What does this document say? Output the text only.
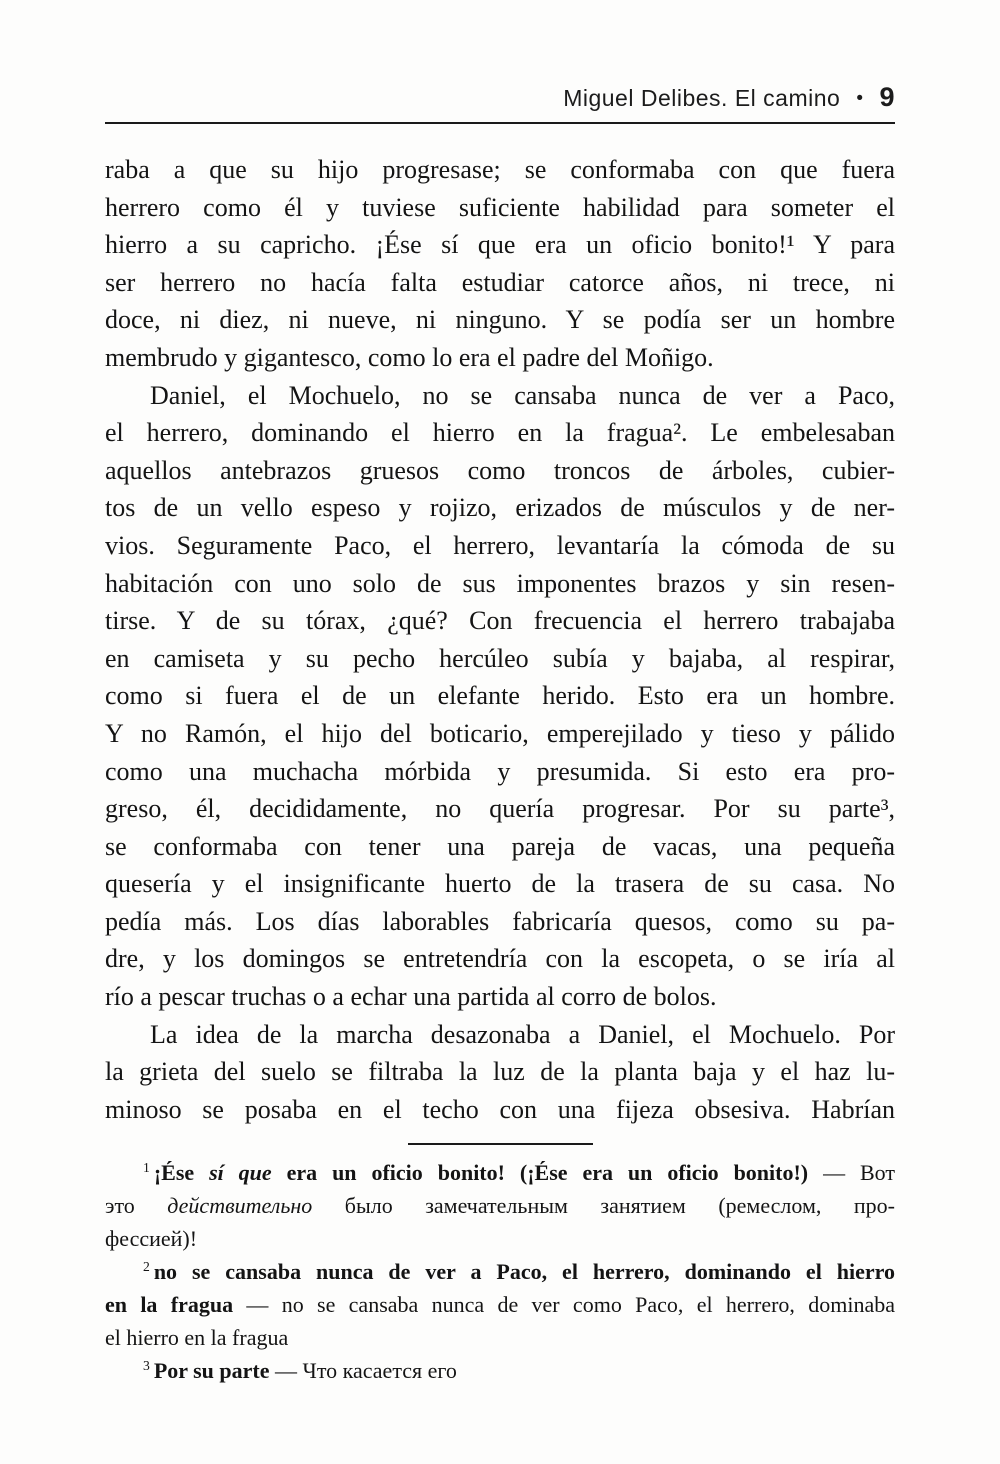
Miguel Delibes. El camino • 9
raba a que su hijo progresase; se conformaba con que fuera
herrero como él y tuviese suficiente habilidad para someter el
hierro a su capricho. ¡Ése sí que era un oficio bonito!¹ Y para
ser herrero no hacía falta estudiar catorce años, ni trece, ni
doce, ni diez, ni nueve, ni ninguno. Y se podía ser un hombre
membrudo y gigantesco, como lo era el padre del Moñigo.
Daniel, el Mochuelo, no se cansaba nunca de ver a Paco,
el herrero, dominando el hierro en la fragua². Le embelesaban
aquellos antebrazos gruesos como troncos de árboles, cubier-
tos de un vello espeso y rojizo, erizados de músculos y de ner-
vios. Seguramente Paco, el herrero, levantaría la cómoda de su
habitación con uno solo de sus imponentes brazos y sin resen-
tirse. Y de su tórax, ¿qué? Con frecuencia el herrero trabajaba
en camiseta y su pecho hercúleo subía y bajaba, al respirar,
como si fuera el de un elefante herido. Esto era un hombre.
Y no Ramón, el hijo del boticario, emperejilado y tieso y pálido
como una muchacha mórbida y presumida. Si esto era pro-
greso, él, decididamente, no quería progresar. Por su parte³,
se conformaba con tener una pareja de vacas, una pequeña
quesería y el insignificante huerto de la trasera de su casa. No
pedía más. Los días laborables fabricaría quesos, como su pa-
dre, y los domingos se entretendría con la escopeta, o se iría al
río a pescar truchas o a echar una partida al corro de bolos.
La idea de la marcha desazonaba a Daniel, el Mochuelo. Por
la grieta del suelo se filtraba la luz de la planta baja y el haz lu-
minoso se posaba en el techo con una fijeza obsesiva. Habrían
$^1$ ¡Ése sí que era un oficio bonito! (¡Ése era un oficio bonito!) — Вот
это действительно было замечательным занятием (ремеслом, про-
фессией)!
$^2$ no se cansaba nunca de ver a Paco, el herrero, dominando el hierro
en la fragua — no se cansaba nunca de ver como Paco, el herrero, dominaba
el hierro en la fragua
$^3$ Por su parte — Что касается его
